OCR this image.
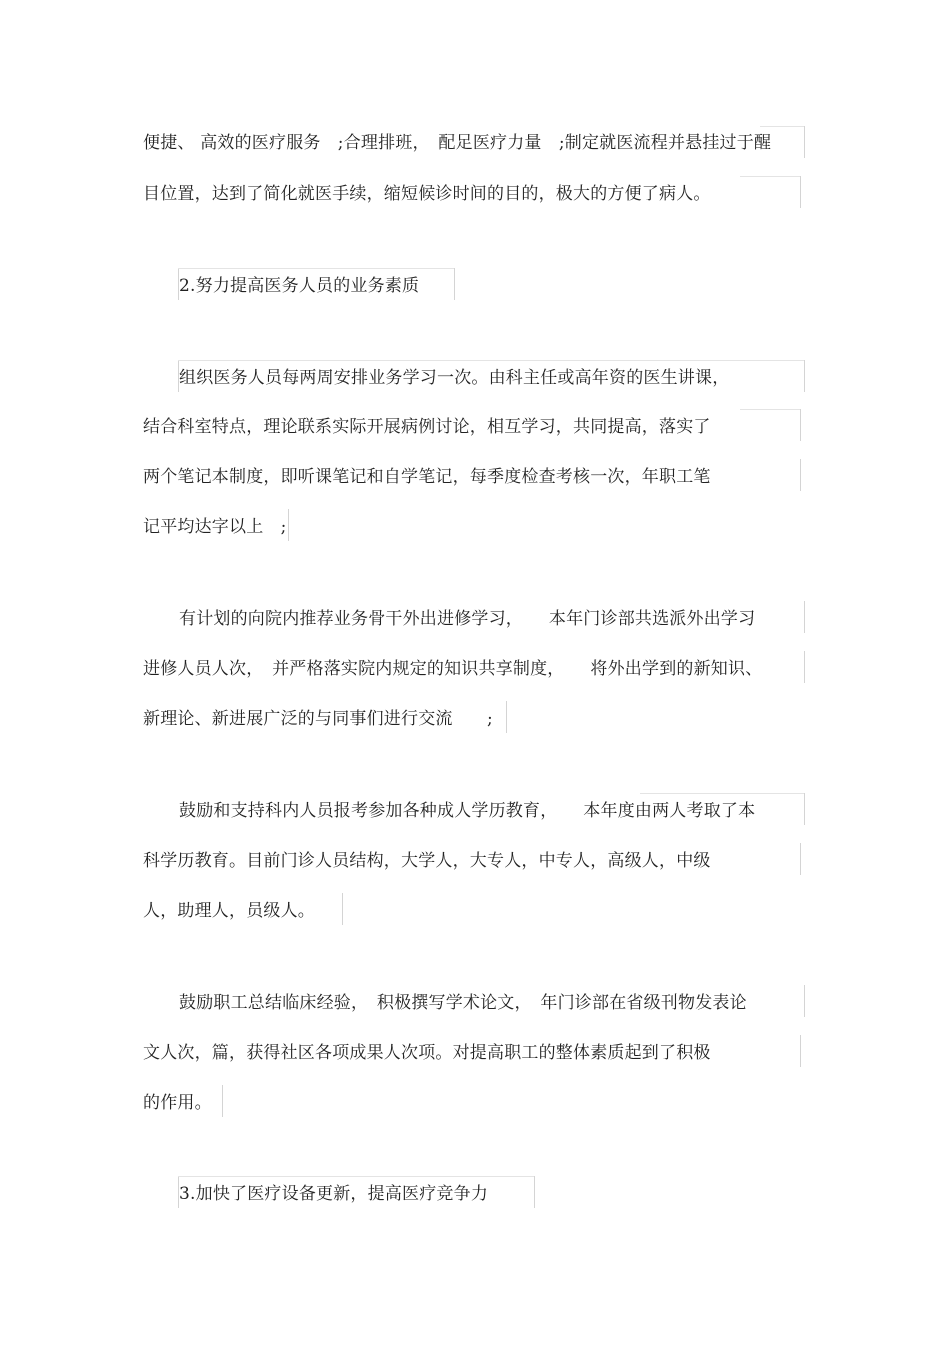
便捷、 高效的医疗服务　;合理排班，　配足医疗力量　;制定就医流程并悬挂过于醒
目位置，达到了简化就医手续，缩短候诊时间的目的，极大的方便了病人。
2.努力提高医务人员的业务素质
组织医务人员每两周安排业务学习一次。由科主任或高年资的医生讲课，
结合科室特点，理论联系实际开展病例讨论，相互学习，共同提高，落实了
两个笔记本制度，即听课笔记和自学笔记，每季度检查考核一次，年职工笔
记平均达字以上　;
有计划的向院内推荐业务骨干外出进修学习，　　本年门诊部共选派外出学习
进修人员人次，　并严格落实院内规定的知识共享制度，　　将外出学到的新知识、
新理论、新进展广泛的与同事们进行交流　　;
鼓励和支持科内人员报考参加各种成人学历教育，　　本年度由两人考取了本
科学历教育。目前门诊人员结构，大学人，大专人，中专人，高级人，中级
人，助理人，员级人。
鼓励职工总结临床经验，　积极撰写学术论文，　年门诊部在省级刊物发表论
文人次，篇，获得社区各项成果人次项。对提高职工的整体素质起到了积极
的作用。
3.加快了医疗设备更新，提高医疗竞争力
